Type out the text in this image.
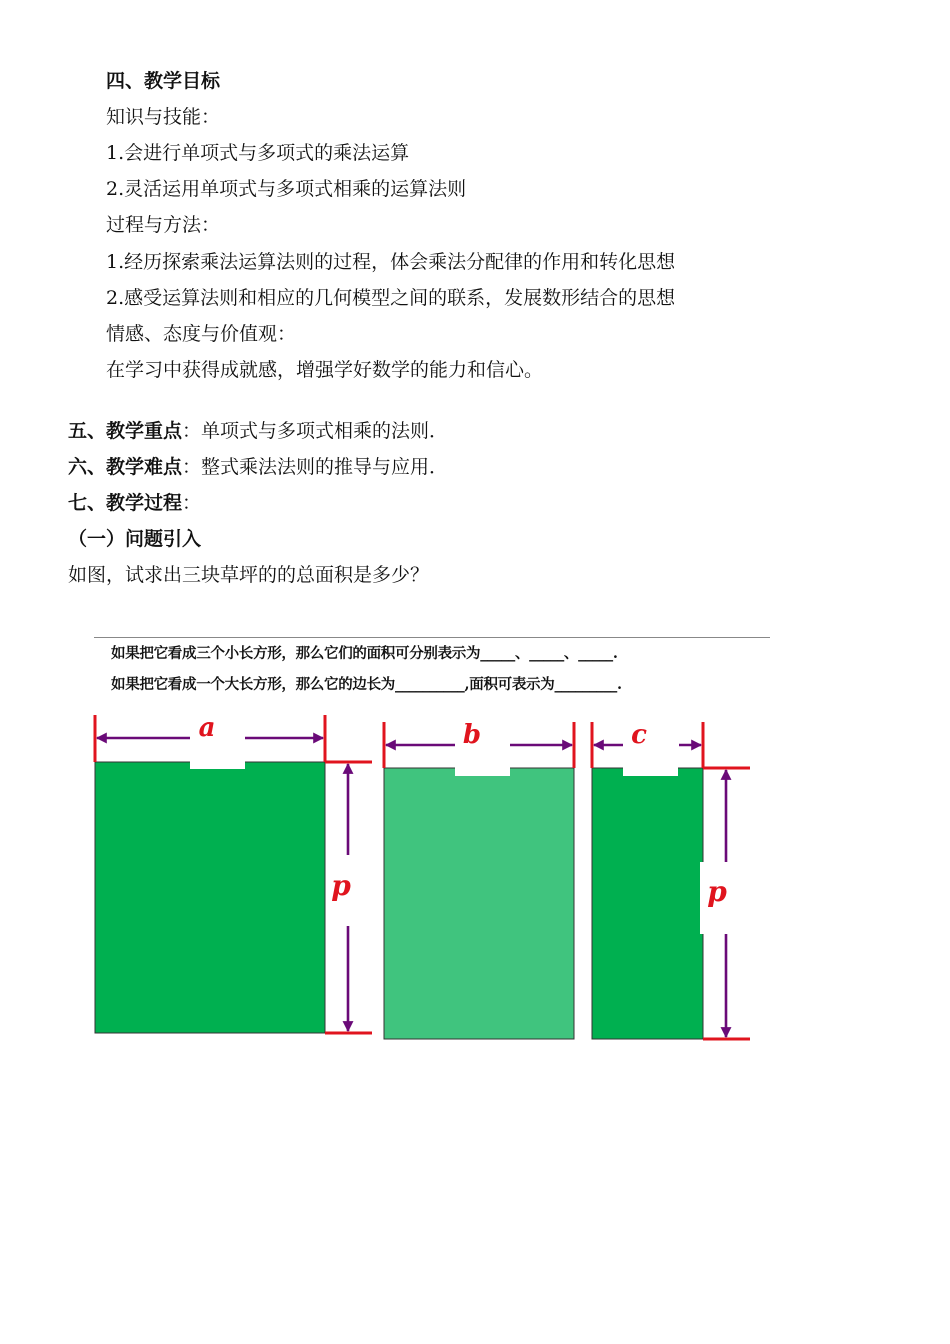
四、教学目标
知识与技能：
1.会进行单项式与多项式的乘法运算
2.灵活运用单项式与多项式相乘的运算法则
过程与方法：
1.经历探索乘法运算法则的过程，体会乘法分配律的作用和转化思想
2.感受运算法则和相应的几何模型之间的联系，发展数形结合的思想
情感、态度与价值观：
在学习中获得成就感，增强学好数学的能力和信心。
五、教学重点：单项式与多项式相乘的法则．
六、教学难点：整式乘法法则的推导与应用．
七、教学过程：
（一）问题引入
如图，试求出三块草坪的的总面积是多少？
如果把它看成三个小长方形，那么它们的面积可分别表示为_____、_____、_____.
如果把它看成一个大长方形，那么它的边长为__________,面积可表示为_________.
a	b	c
p	p
